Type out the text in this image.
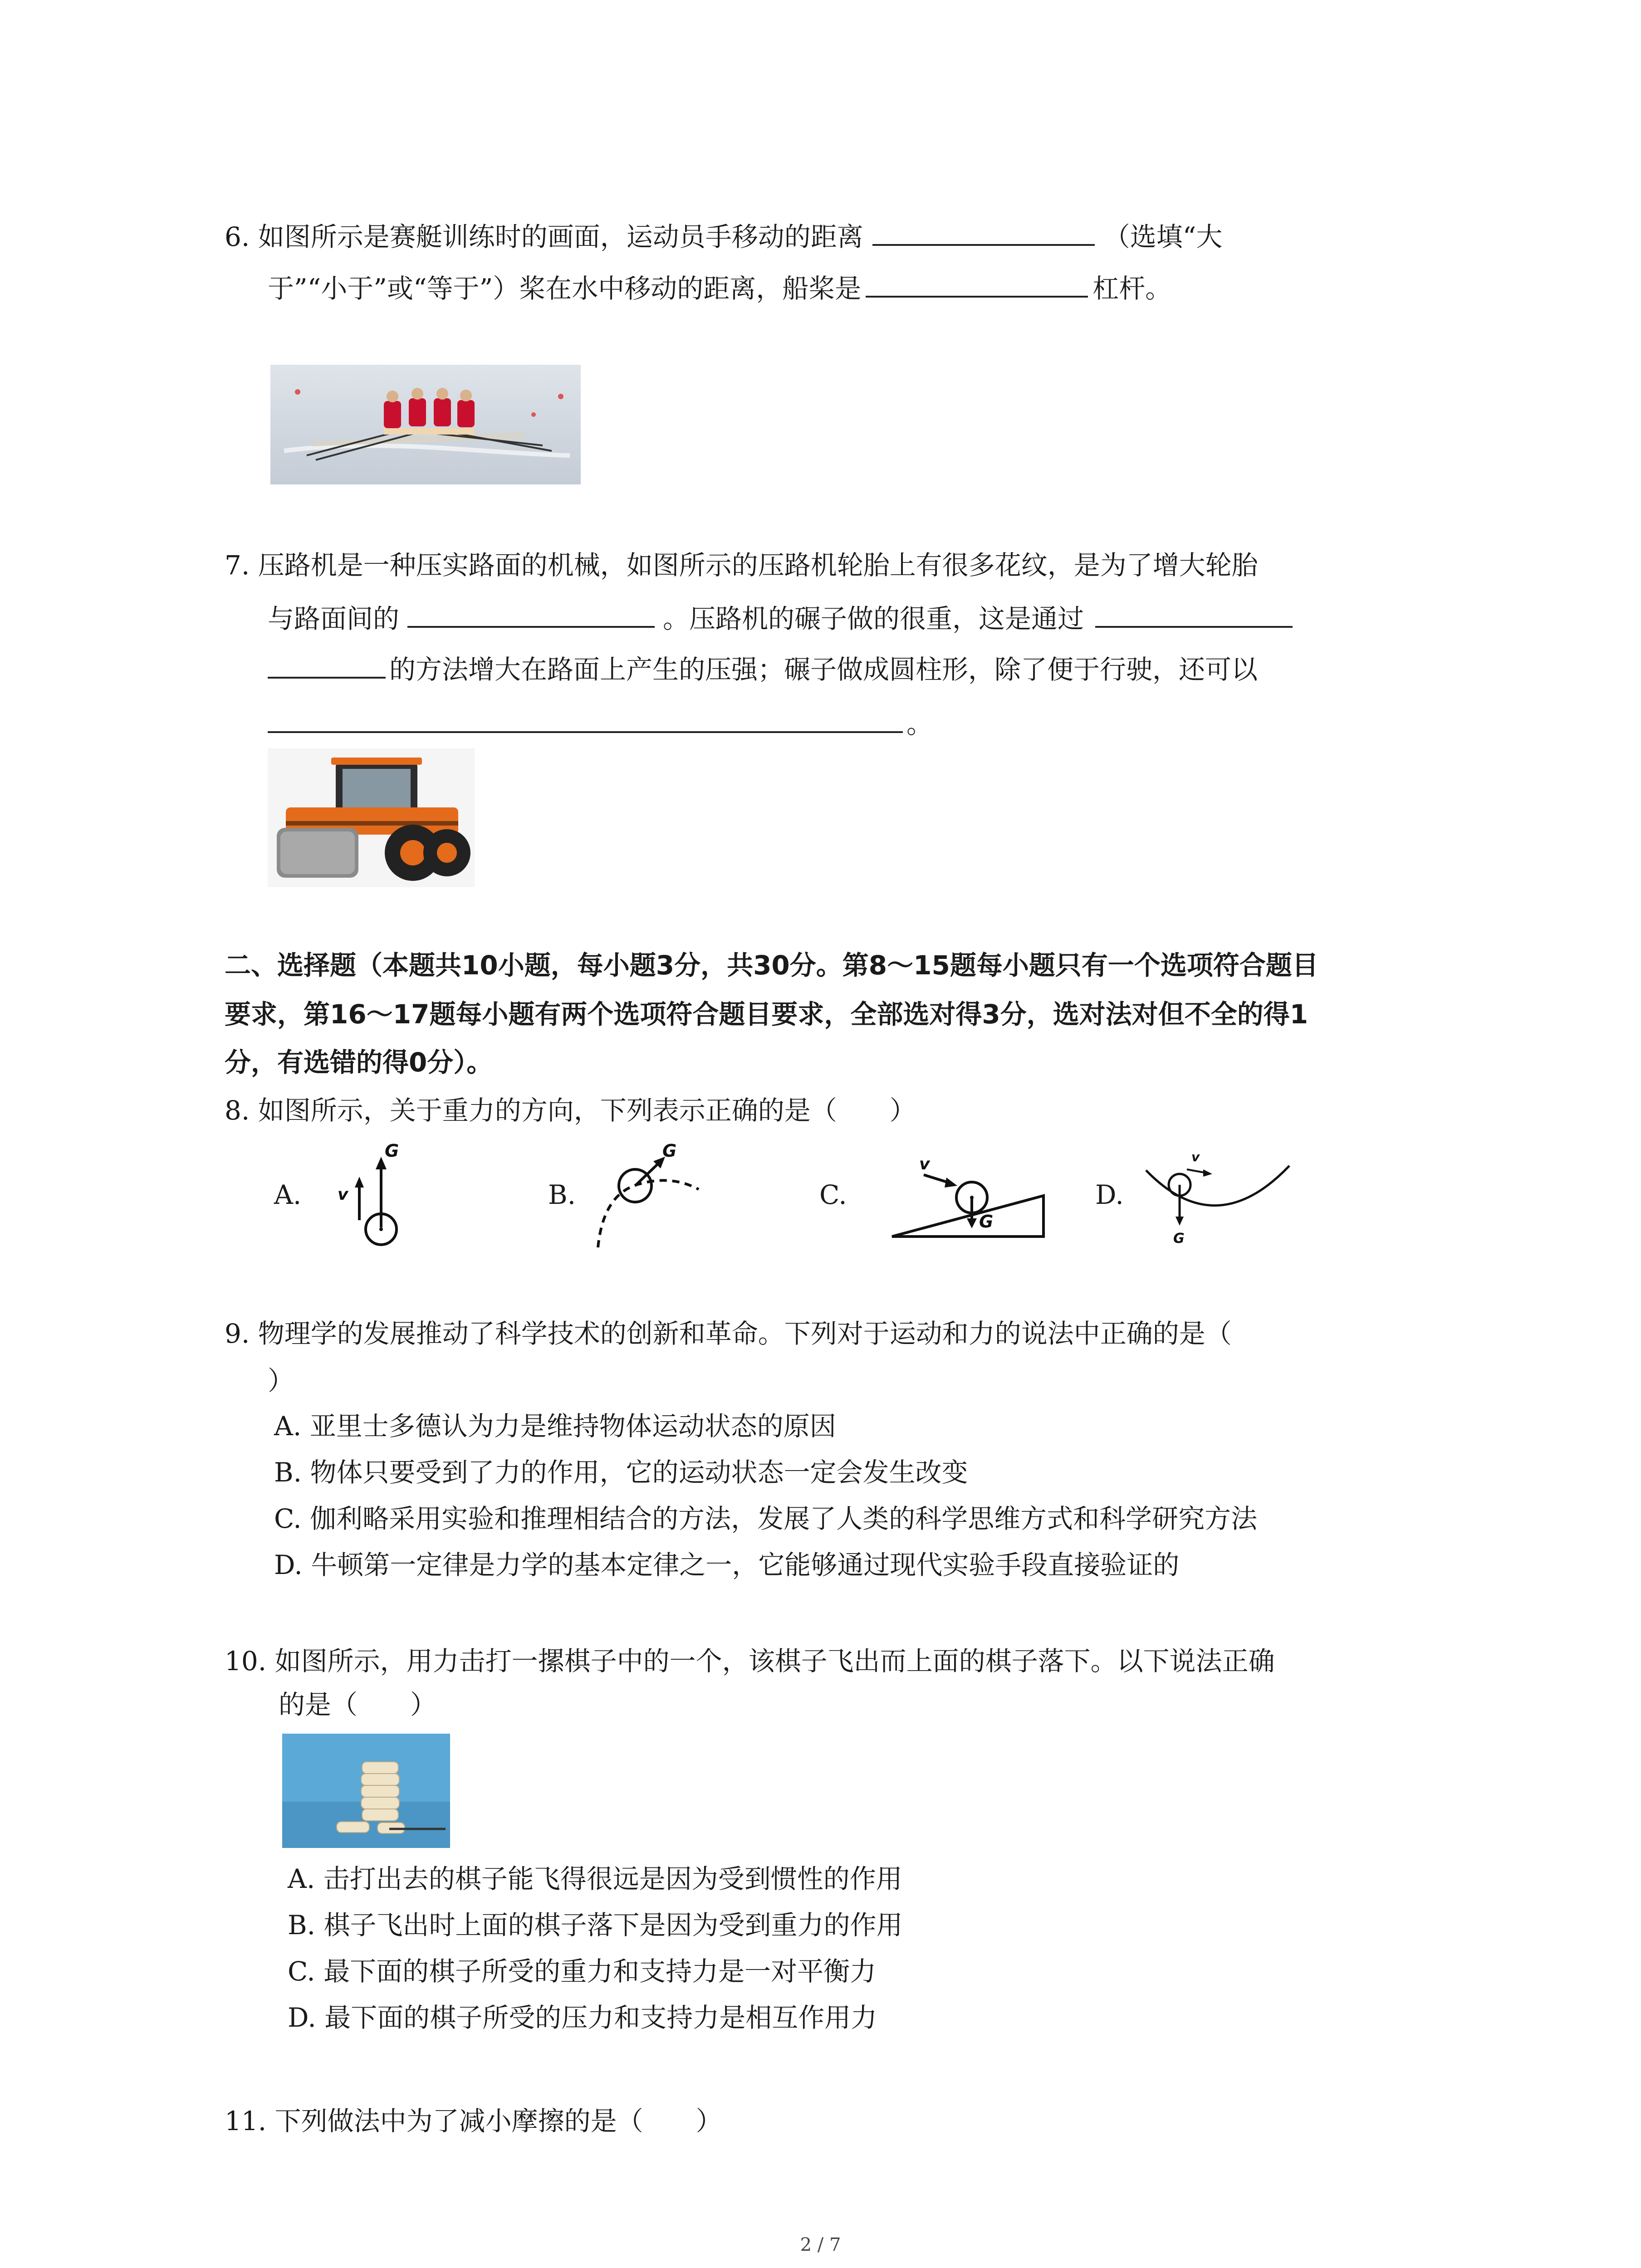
6. 如图所示是赛艇训练时的画面，运动员手移动的距离	（选填“大
于”“小于”或“等于”）桨在水中移动的距离，船桨是	杠杆。
7. 压路机是一种压实路面的机械，如图所示的压路机轮胎上有很多花纹，是为了增大轮胎
与路面间的	。压路机的碾子做的很重，这是通过
的方法增大在路面上产生的压强；碾子做成圆柱形，除了便于行驶，还可以
。
二、选择题（本题共10小题，每小题3分，共30分。第8～15题每小题只有一个选项符合题目
要求，第16～17题每小题有两个选项符合题目要求，全部选对得3分，选对法对但不全的得1
分，有选错的得0分）。
8. 如图所示，关于重力的方向，下列表示正确的是（　　）
A.
G
v	B.
G
C.
G
v
D.
G
v
9. 物理学的发展推动了科学技术的创新和革命。下列对于运动和力的说法中正确的是（
）
A. 亚里士多德认为力是维持物体运动状态的原因
B. 物体只要受到了力的作用，它的运动状态一定会发生改变
C. 伽利略采用实验和推理相结合的方法，发展了人类的科学思维方式和科学研究方法
D. 牛顿第一定律是力学的基本定律之一，它能够通过现代实验手段直接验证的
10. 如图所示，用力击打一摞棋子中的一个，该棋子飞出而上面的棋子落下。以下说法正确
的是（　　）
A. 击打出去的棋子能飞得很远是因为受到惯性的作用
B. 棋子飞出时上面的棋子落下是因为受到重力的作用
C. 最下面的棋子所受的重力和支持力是一对平衡力
D. 最下面的棋子所受的压力和支持力是相互作用力
11. 下列做法中为了减小摩擦的是（　　）
2 / 7
